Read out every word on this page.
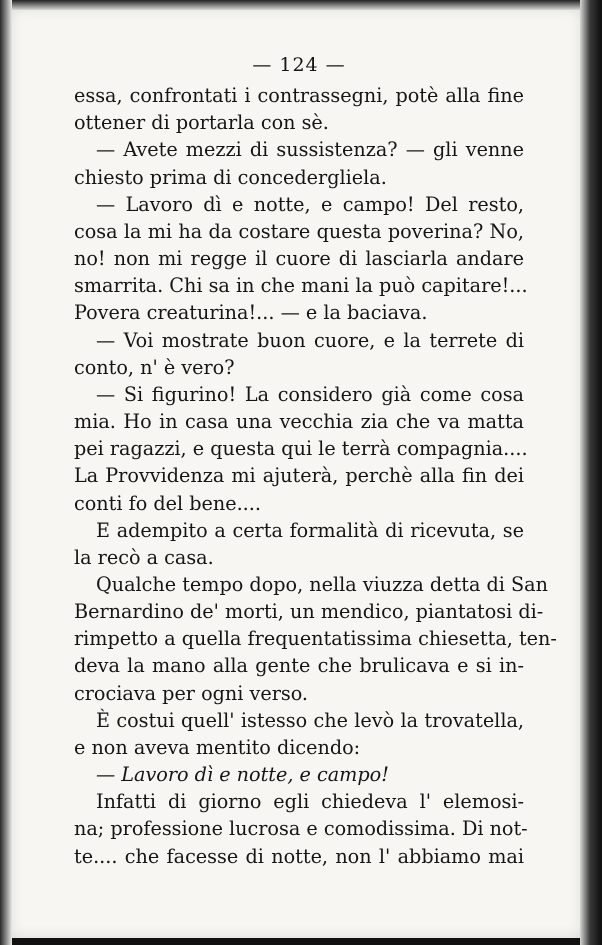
— 124 —
essa, confrontati i contrassegni, potè alla fine
ottener di portarla con sè.
— Avete mezzi di sussistenza? — gli venne
chiesto prima di concedergliela.
— Lavoro dì e notte, e campo! Del resto,
cosa la mi ha da costare questa poverina? No,
no! non mi regge il cuore di lasciarla andare
smarrita. Chi sa in che mani la può capitare!...
Povera creaturina!... — e la baciava.
— Voi mostrate buon cuore, e la terrete di
conto, n' è vero?
— Si figurino! La considero già come cosa
mia. Ho in casa una vecchia zia che va matta
pei ragazzi, e questa qui le terrà compagnia....
La Provvidenza mi ajuterà, perchè alla fin dei
conti fo del bene....
E adempito a certa formalità di ricevuta, se
la recò a casa.
Qualche tempo dopo, nella viuzza detta di San
Bernardino de' morti, un mendico, piantatosi di-
rimpetto a quella frequentatissima chiesetta, ten-
deva la mano alla gente che brulicava e si in-
crociava per ogni verso.
È costui quell' istesso che levò la trovatella,
e non aveva mentito dicendo:
— Lavoro dì e notte, e campo!
Infatti di giorno egli chiedeva l' elemosi-
na; professione lucrosa e comodissima. Di not-
te.... che facesse di notte, non l' abbiamo mai
